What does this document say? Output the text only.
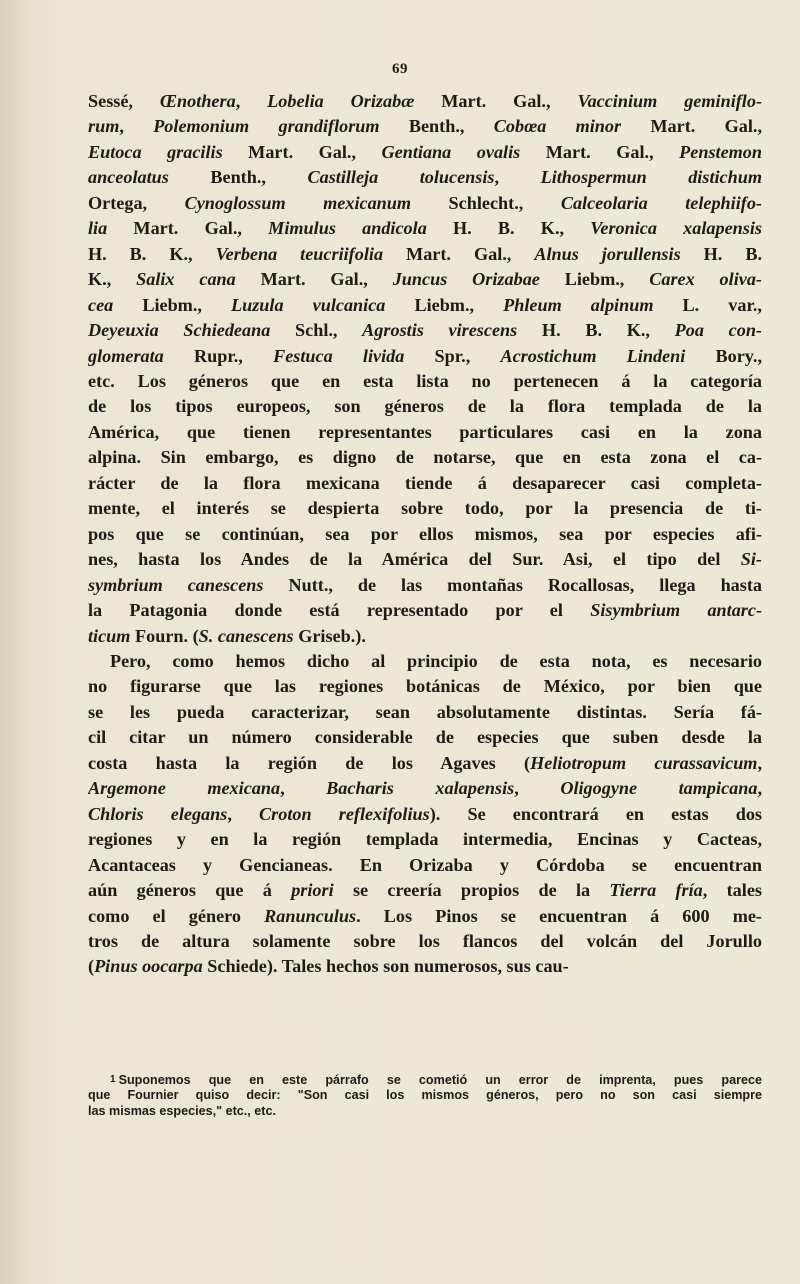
69
Sessé, Œnothera, Lobelia Orizabæ Mart. Gal., Vaccinium geminiflo-
rum, Polemonium grandiflorum Benth., Cobœa minor Mart. Gal.,
Eutoca gracilis Mart. Gal., Gentiana ovalis Mart. Gal., Penstemon
anceolatus Benth., Castilleja tolucensis, Lithospermun distichum
Ortega, Cynoglossum mexicanum Schlecht., Calceolaria telephiifo-
lia Mart. Gal., Mimulus andicola H. B. K., Veronica xalapensis
H. B. K., Verbena teucriifolia Mart. Gal., Alnus jorullensis H. B.
K., Salix cana Mart. Gal., Juncus Orizabae Liebm., Carex oliva-
cea Liebm., Luzula vulcanica Liebm., Phleum alpinum L. var.,
Deyeuxia Schiedeana Schl., Agrostis virescens H. B. K., Poa con-
glomerata Rupr., Festuca livida Spr., Acrostichum Lindeni Bory.,
etc. Los géneros que en esta lista no pertenecen á la categoría
de los tipos europeos, son géneros de la flora templada de la
América, que tienen representantes particulares casi en la zona
alpina. Sin embargo, es digno de notarse, que en esta zona el ca-
rácter de la flora mexicana tiende á desaparecer casi completa-
mente, el interés se despierta sobre todo, por la presencia de ti-
pos que se continúan, sea por ellos mismos, sea por especies afi-
nes, hasta los Andes de la América del Sur. Asi, el tipo del Si-
symbrium canescens Nutt., de las montañas Rocallosas, llega hasta
la Patagonia donde está representado por el Sisymbrium antarc-
ticum Fourn. (S. canescens Griseb.).
Pero, como hemos dicho al principio de esta nota, es necesario
no figurarse que las regiones botánicas de México, por bien que
se les pueda caracterizar, sean absolutamente distintas. Sería fá-
cil citar un número considerable de especies que suben desde la
costa hasta la región de los Agaves (Heliotropum curassavicum,
Argemone mexicana, Bacharis xalapensis, Oligogyne tampicana,
Chloris elegans, Croton reflexifolius). Se encontrará en estas dos
regiones y en la región templada intermedia, Encinas y Cacteas,
Acantaceas y Gencianeas. En Orizaba y Córdoba se encuentran
aún géneros que á priori se creería propios de la Tierra fría, tales
como el género Ranunculus. Los Pinos se encuentran á 600 me-
tros de altura solamente sobre los flancos del volcán del Jorullo
(Pinus oocarpa Schiede). Tales hechos son numerosos, sus cau-
1 Suponemos que en este párrafo se cometió un error de imprenta, pues parece
que Fournier quiso decir: "Son casi los mismos géneros, pero no son casi siempre
las mismas especies," etc., etc.
